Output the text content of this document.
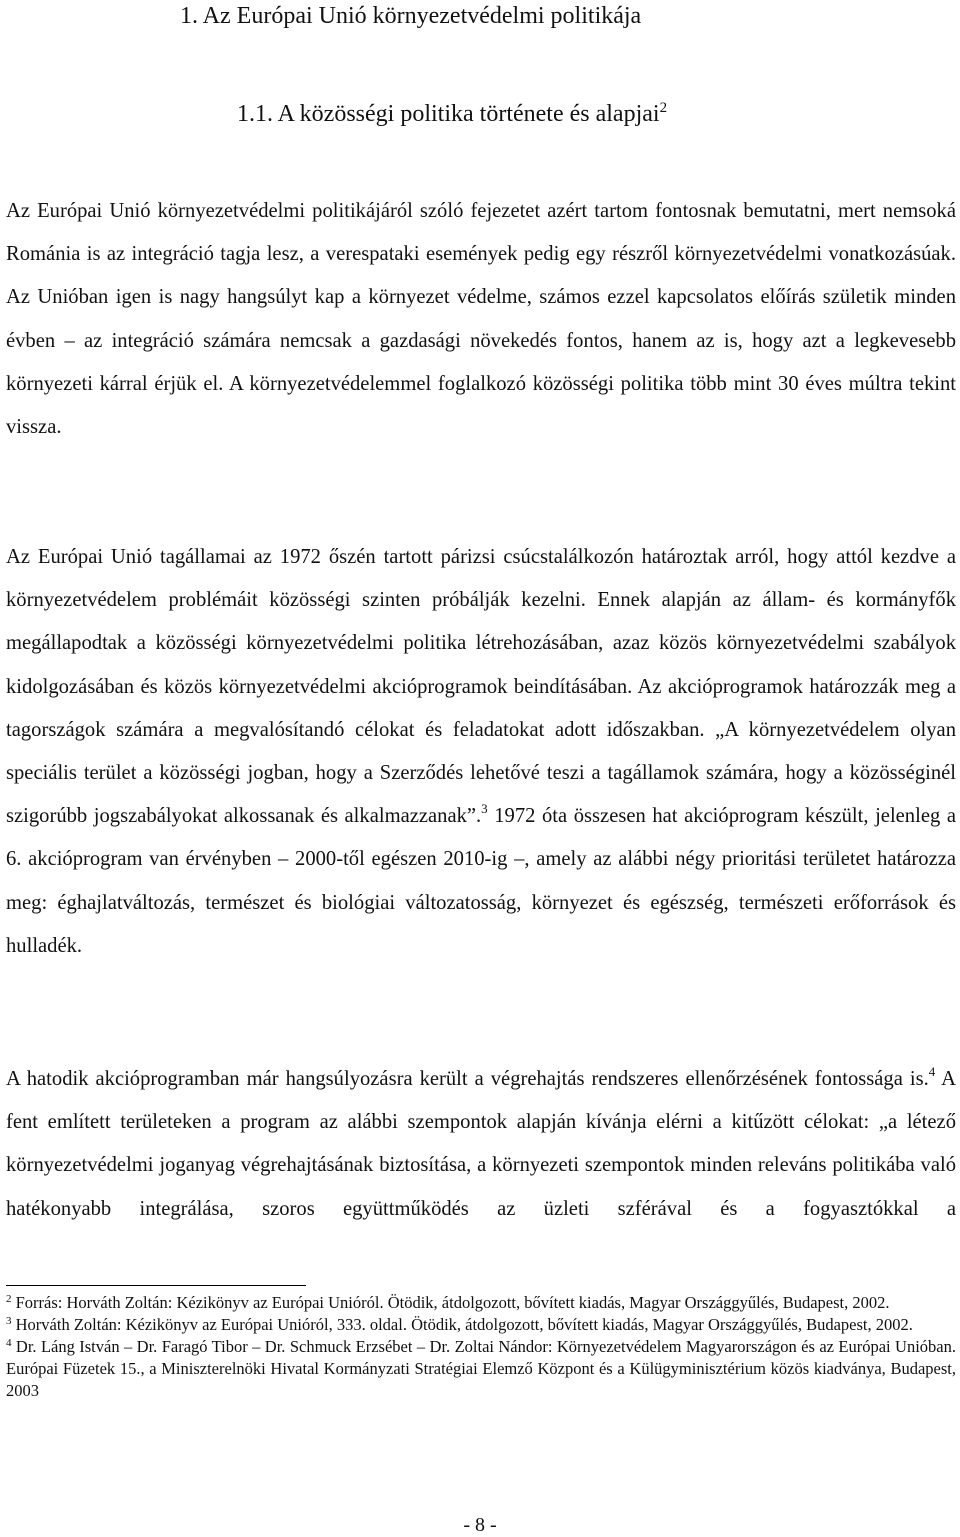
1. Az Európai Unió környezetvédelmi politikája
1.1. A közösségi politika története és alapjai$^2$

Az Európai Unió környezetvédelmi politikájáról szóló fejezetet azért tartom fontosnak bemutatni, mert nemsoká Románia is az integráció tagja lesz, a verespataki események pedig egy részről környezetvédelmi vonatkozásúak. Az Unióban igen is nagy hangsúlyt kap a környezet védelme, számos ezzel kapcsolatos előírás születik minden évben – az integráció számára nemcsak a gazdasági növekedés fontos, hanem az is, hogy azt a legkevesebb környezeti kárral érjük el. A környezetvédelemmel foglalkozó közösségi politika több mint 30 éves múltra tekint vissza.

Az Európai Unió tagállamai az 1972 őszén tartott párizsi csúcstalálkozón határoztak arról, hogy attól kezdve a környezetvédelem problémáit közösségi szinten próbálják kezelni. Ennek alapján az állam- és kormányfők megállapodtak a közösségi környezetvédelmi politika létrehozásában, azaz közös környezetvédelmi szabályok kidolgozásában és közös környezetvédelmi akcióprogramok beindításában. Az akcióprogramok határozzák meg a tagországok számára a megvalósítandó célokat és feladatokat adott időszakban. „A környezetvédelem olyan speciális terület a közösségi jogban, hogy a Szerződés lehetővé teszi a tagállamok számára, hogy a közösséginél szigorúbb jogszabályokat alkossanak és alkalmazzanak”.$^3$ 1972 óta összesen hat akcióprogram készült, jelenleg a 6. akcióprogram van érvényben – 2000-től egészen 2010-ig –, amely az alábbi négy prioritási területet határozza meg: éghajlatváltozás, természet és biológiai változatosság, környezet és egészség, természeti erőforrások és hulladék.

A hatodik akcióprogramban már hangsúlyozásra került a végrehajtás rendszeres ellenőrzésének fontossága is.$^4$ A fent említett területeken a program az alábbi szempontok alapján kívánja elérni a kitűzött célokat: „a létező környezetvédelmi joganyag végrehajtásának biztosítása, a környezeti szempontok minden releváns politikába való hatékonyabb integrálása, szoros együttműködés az üzleti szférával és a fogyasztókkal a

$^2$ Forrás: Horváth Zoltán: Kézikönyv az Európai Unióról. Ötödik, átdolgozott, bővített kiadás, Magyar Országgyűlés, Budapest, 2002.

$^3$ Horváth Zoltán: Kézikönyv az Európai Unióról, 333. oldal. Ötödik, átdolgozott, bővített kiadás, Magyar Országgyűlés, Budapest, 2002.

$^4$ Dr. Láng István – Dr. Faragó Tibor – Dr. Schmuck Erzsébet – Dr. Zoltai Nándor: Környezetvédelem Magyarországon és az Európai Unióban. Európai Füzetek 15., a Miniszterelnöki Hivatal Kormányzati Stratégiai Elemző Központ és a Külügyminisztérium közös kiadványa, Budapest, 2003

- 8 -
